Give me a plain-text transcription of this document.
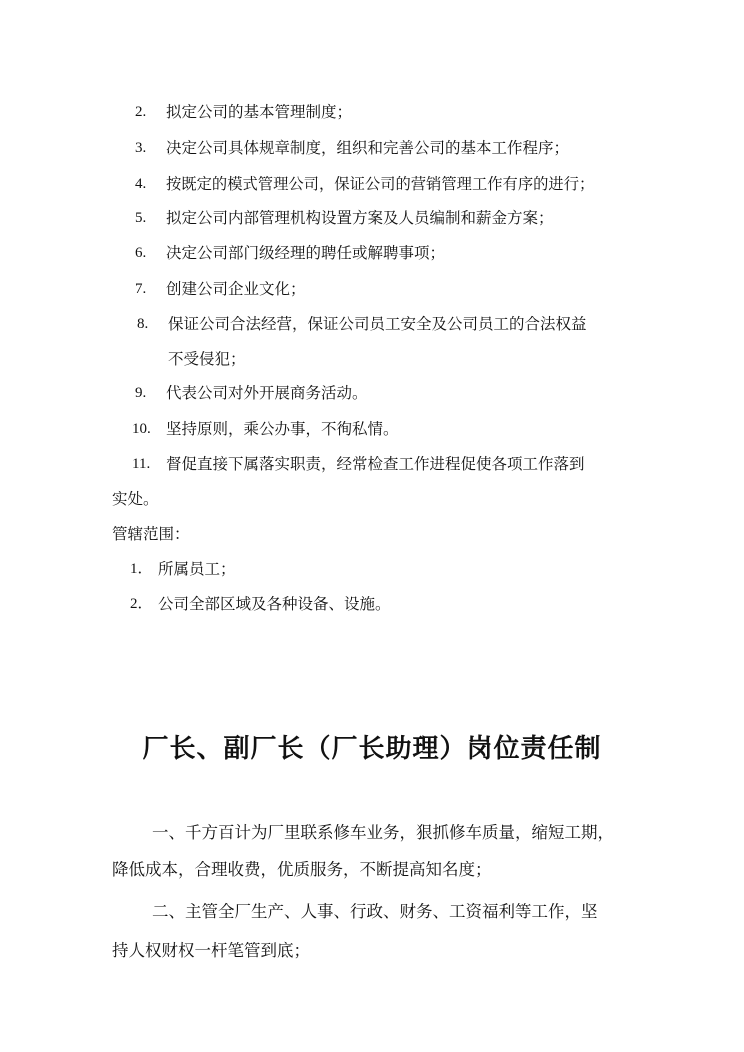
2. 拟定公司的基本管理制度；
3. 决定公司具体规章制度，组织和完善公司的基本工作程序；
4. 按既定的模式管理公司，保证公司的营销管理工作有序的进行；
5. 拟定公司内部管理机构设置方案及人员编制和薪金方案；
6. 决定公司部门级经理的聘任或解聘事项；
7. 创建公司企业文化；
8. 保证公司合法经营，保证公司员工安全及公司员工的合法权益
不受侵犯；
9. 代表公司对外开展商务活动。
10. 坚持原则，乘公办事，不徇私情。
11. 督促直接下属落实职责，经常检查工作进程促使各项工作落到
实处。
管辖范围：
1． 所属员工；
2． 公司全部区域及各种设备、设施。
厂长、副厂长（厂长助理）岗位责任制
一、千方百计为厂里联系修车业务，狠抓修车质量，缩短工期，
降低成本，合理收费，优质服务，不断提高知名度；
二、主管全厂生产、人事、行政、财务、工资福利等工作，坚
持人权财权一杆笔管到底；
